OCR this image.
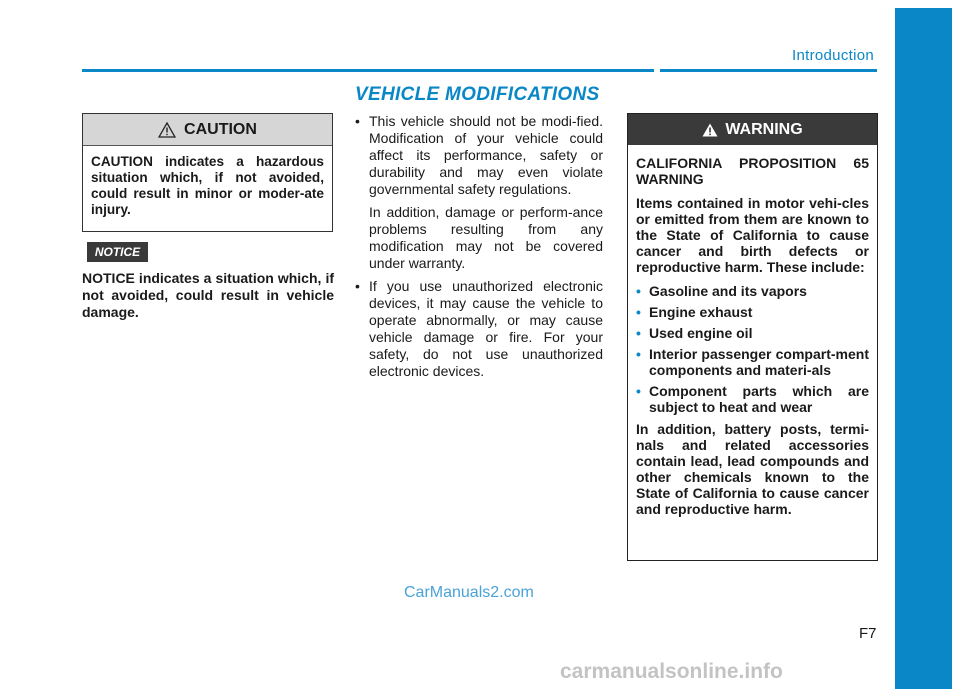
Introduction
VEHICLE MODIFICATIONS
CAUTION
CAUTION indicates a hazardous situation which, if not avoided, could result in minor or moder-ate injury.
NOTICE
NOTICE indicates a situation which, if not avoided, could result in vehicle damage.
• This vehicle should not be modi-fied. Modification of your vehicle could affect its performance, safety or durability and may even violate governmental safety regulations.
In addition, damage or perform-ance problems resulting from any modification may not be covered under warranty.
• If you use unauthorized electronic devices, it may cause the vehicle to operate abnormally, or may cause vehicle damage or fire. For your safety, do not use unauthorized electronic devices.
WARNING

CALIFORNIA PROPOSITION 65 WARNING

Items contained in motor vehi-cles or emitted from them are known to the State of California to cause cancer and birth defects or reproductive harm. These include:

• Gasoline and its vapors
• Engine exhaust
• Used engine oil
• Interior passenger compart-ment components and materi-als
• Component parts which are subject to heat and wear

In addition, battery posts, termi-nals and related accessories contain lead, lead compounds and other chemicals known to the State of California to cause cancer and reproductive harm.

CarManuals2.com
F7
carmanualsonline.info
